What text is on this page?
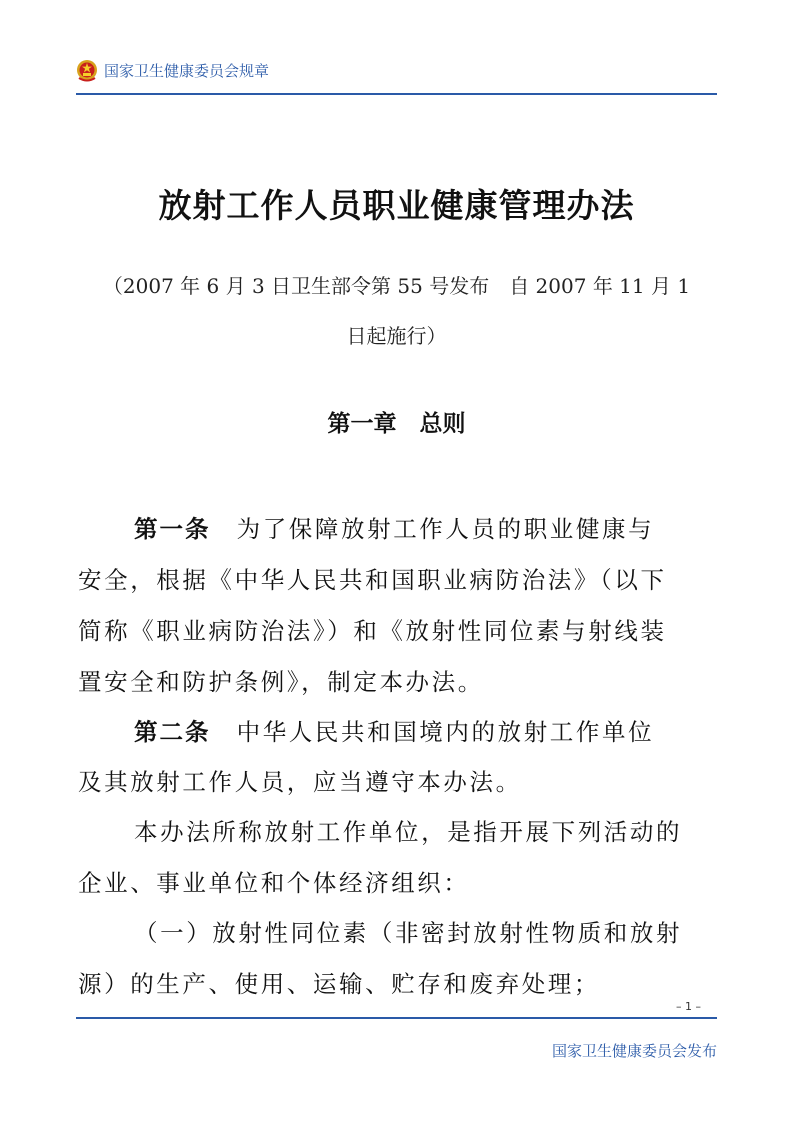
国家卫生健康委员会规章
放射工作人员职业健康管理办法
（2007 年 6 月 3 日卫生部令第 55 号发布　自 2007 年 11 月 1
日起施行）
第一章　总则
第一条　为了保障放射工作人员的职业健康与
安全，根据《中华人民共和国职业病防治法》（以下
简称《职业病防治法》）和《放射性同位素与射线装
置安全和防护条例》，制定本办法。
第二条　中华人民共和国境内的放射工作单位
及其放射工作人员，应当遵守本办法。
本办法所称放射工作单位，是指开展下列活动的
企业、事业单位和个体经济组织：
（一）放射性同位素（非密封放射性物质和放射
源）的生产、使用、运输、贮存和废弃处理；
– 1 –
国家卫生健康委员会发布
